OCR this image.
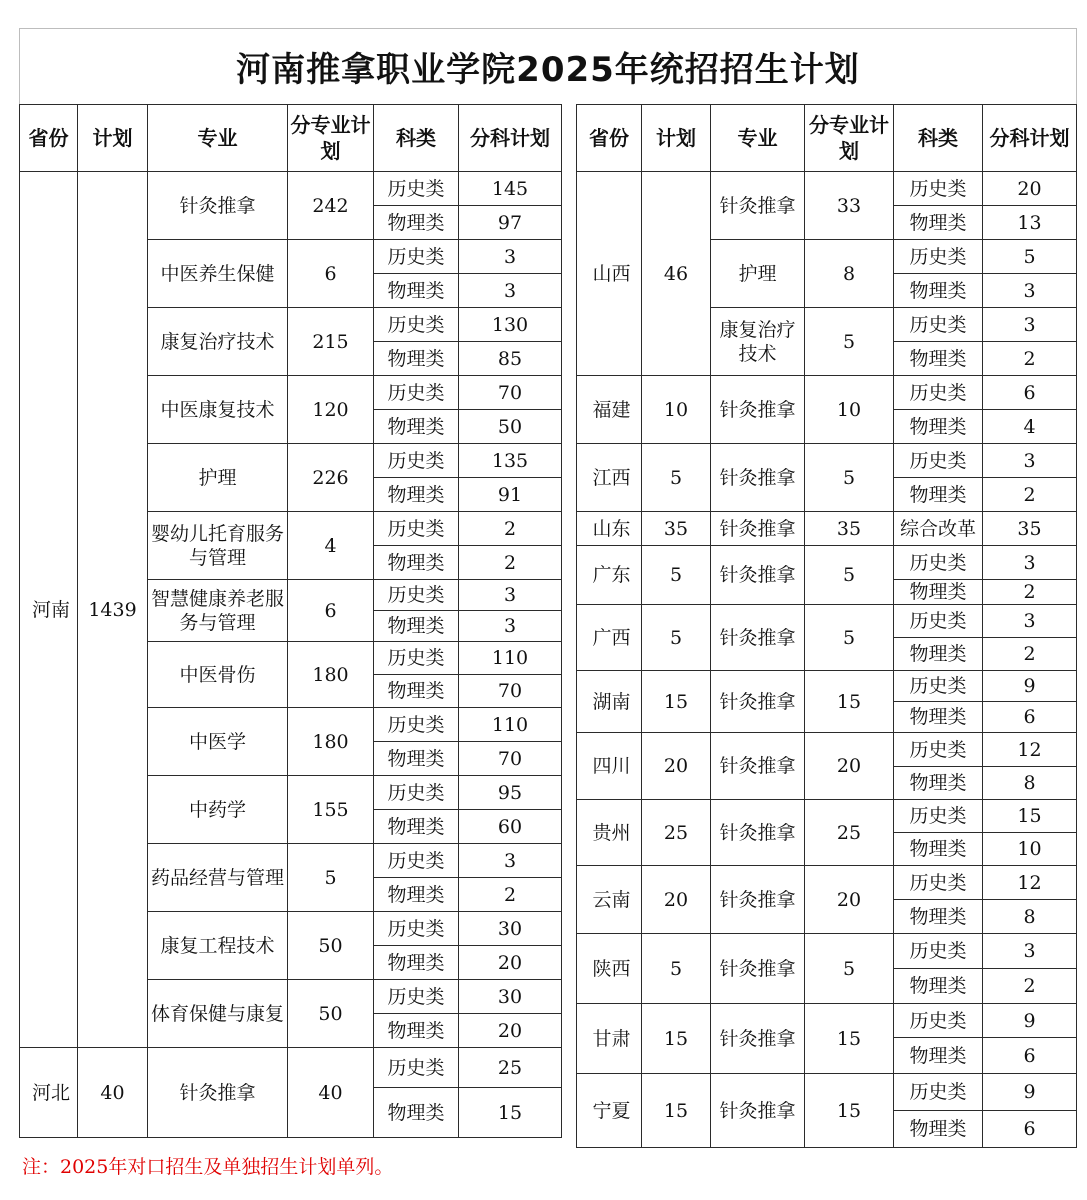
河南推拿职业学院2025年统招招生计划
省份	计划	专业	分专业计划	科类	分科计划
河南	1439	针灸推拿	242	历史类	145
				物理类	97
		中医养生保健	6	历史类	3
				物理类	3
		康复治疗技术	215	历史类	130
				物理类	85
		中医康复技术	120	历史类	70
				物理类	50
		护理	226	历史类	135
				物理类	91
		婴幼儿托育服务与管理	4	历史类	2
				物理类	2
		智慧健康养老服务与管理	6	历史类	3
				物理类	3
		中医骨伤	180	历史类	110
				物理类	70
		中医学	180	历史类	110
				物理类	70
		中药学	155	历史类	95
				物理类	60
		药品经营与管理	5	历史类	3
				物理类	2
		康复工程技术	50	历史类	30
				物理类	20
		体育保健与康复	50	历史类	30
				物理类	20
河北	40	针灸推拿	40	历史类	25
				物理类	15
省份	计划	专业	分专业计划	科类	分科计划
山西	46	针灸推拿	33	历史类	20
				物理类	13
		护理	8	历史类	5
				物理类	3
		康复治疗技术	5	历史类	3
				物理类	2
福建	10	针灸推拿	10	历史类	6
				物理类	4
江西	5	针灸推拿	5	历史类	3
				物理类	2
山东	35	针灸推拿	35	综合改革	35
广东	5	针灸推拿	5	历史类	3
				物理类	2
广西	5	针灸推拿	5	历史类	3
				物理类	2
湖南	15	针灸推拿	15	历史类	9
				物理类	6
四川	20	针灸推拿	20	历史类	12
				物理类	8
贵州	25	针灸推拿	25	历史类	15
				物理类	10
云南	20	针灸推拿	20	历史类	12
				物理类	8
陕西	5	针灸推拿	5	历史类	3
				物理类	2
甘肃	15	针灸推拿	15	历史类	9
				物理类	6
宁夏	15	针灸推拿	15	历史类	9
				物理类	6
注：2025年对口招生及单独招生计划单列。
